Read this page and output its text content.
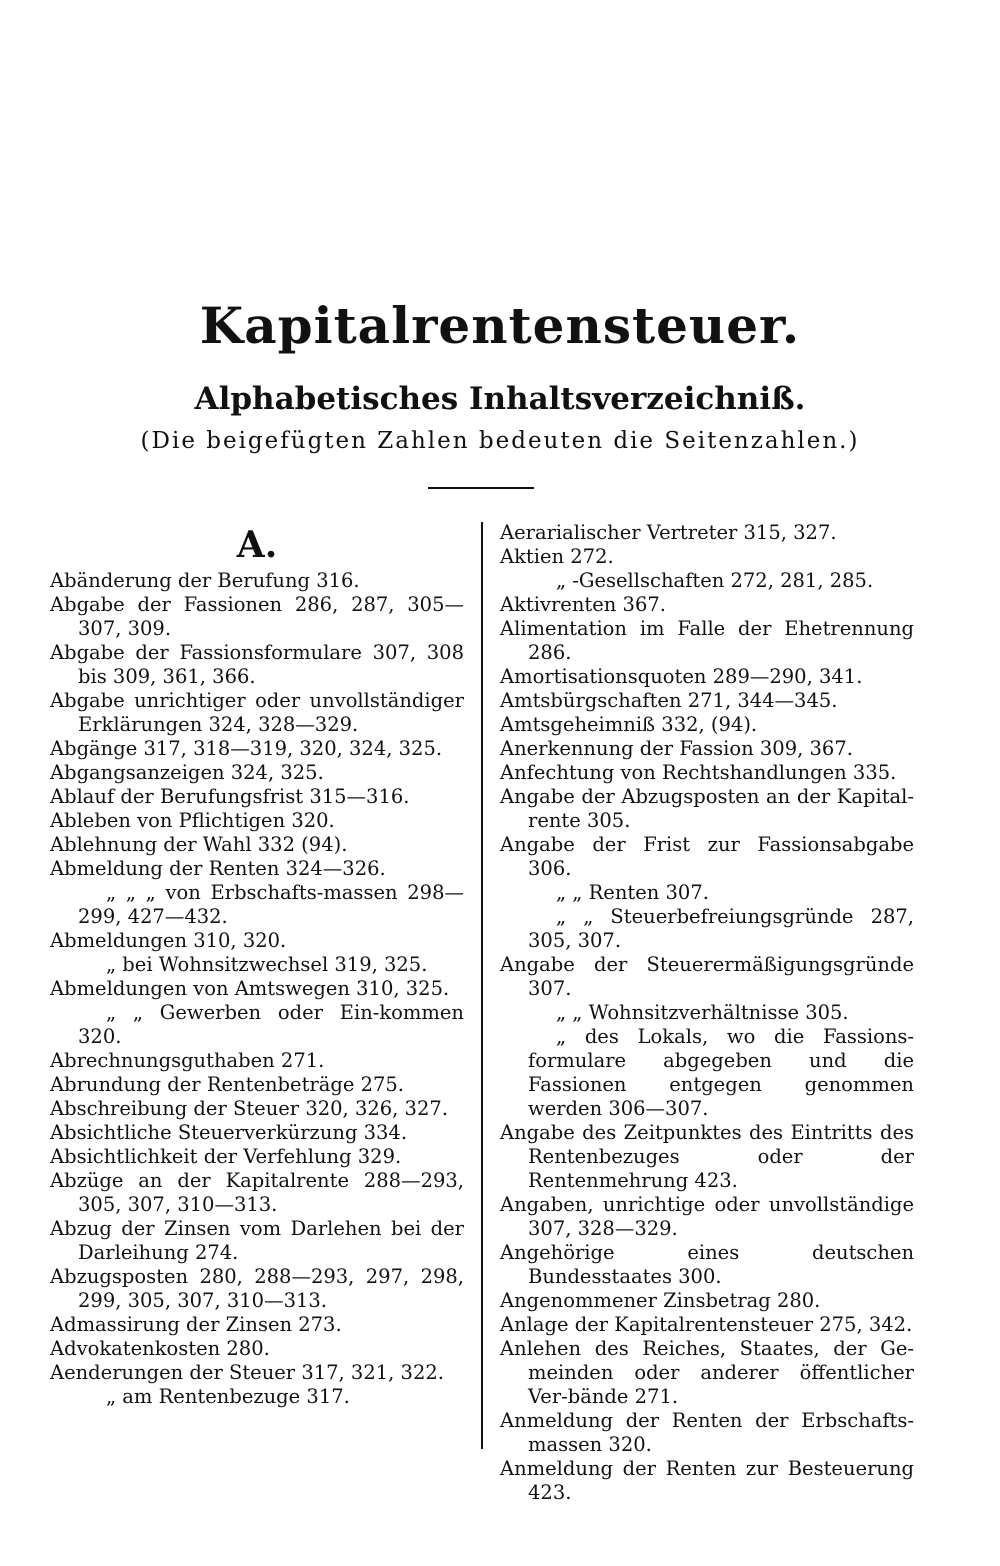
Kapitalrentensteuer.
Alphabetisches Inhaltsverzeichniß.
(Die beigefügten Zahlen bedeuten die Seitenzahlen.)
A.
Abänderung der Berufung 316.
Abgabe der Fassionen 286, 287, 305—307, 309.
Abgabe der Fassionsformulare 307, 308 bis 309, 361, 366.
Abgabe unrichtiger oder unvollständiger Erklärungen 324, 328—329.
Abgänge 317, 318—319, 320, 324, 325.
Abgangsanzeigen 324, 325.
Ablauf der Berufungsfrist 315—316.
Ableben von Pflichtigen 320.
Ablehnung der Wahl 332 (94).
Abmeldung der Renten 324—326.
„ „ „ von Erbschafts-massen 298—299, 427—432.
Abmeldungen 310, 320.
„ bei Wohnsitzwechsel 319, 325.
Abmeldungen von Amtswegen 310, 325.
„ „ Gewerben oder Ein-kommen 320.
Abrechnungsguthaben 271.
Abrundung der Rentenbeträge 275.
Abschreibung der Steuer 320, 326, 327.
Absichtliche Steuerverkürzung 334.
Absichtlichkeit der Verfehlung 329.
Abzüge an der Kapitalrente 288—293, 305, 307, 310—313.
Abzug der Zinsen vom Darlehen bei der Darleihung 274.
Abzugsposten 280, 288—293, 297, 298, 299, 305, 307, 310—313.
Admassirung der Zinsen 273.
Advokatenkosten 280.
Aenderungen der Steuer 317, 321, 322.
„ am Rentenbezuge 317.
Aerarialischer Vertreter 315, 327.
Aktien 272.
„ -Gesellschaften 272, 281, 285.
Aktivrenten 367.
Alimentation im Falle der Ehetrennung 286.
Amortisationsquoten 289—290, 341.
Amtsbürgschaften 271, 344—345.
Amtsgeheimniß 332, (94).
Anerkennung der Fassion 309, 367.
Anfechtung von Rechtshandlungen 335.
Angabe der Abzugsposten an der Kapital-rente 305.
Angabe der Frist zur Fassionsabgabe 306.
„ „ Renten 307.
„ „ Steuerbefreiungsgründe 287, 305, 307.
Angabe der Steuerermäßigungsgründe 307.
„ „ Wohnsitzverhältnisse 305.
„ des Lokals, wo die Fassions-formulare abgegeben und die Fassionen entgegen genommen werden 306—307.
Angabe des Zeitpunktes des Eintritts des Rentenbezuges oder der Rentenmehrung 423.
Angaben, unrichtige oder unvollständige 307, 328—329.
Angehörige eines deutschen Bundesstaates 300.
Angenommener Zinsbetrag 280.
Anlage der Kapitalrentensteuer 275, 342.
Anlehen des Reiches, Staates, der Ge-meinden oder anderer öffentlicher Ver-bände 271.
Anmeldung der Renten der Erbschafts-massen 320.
Anmeldung der Renten zur Besteuerung 423.
